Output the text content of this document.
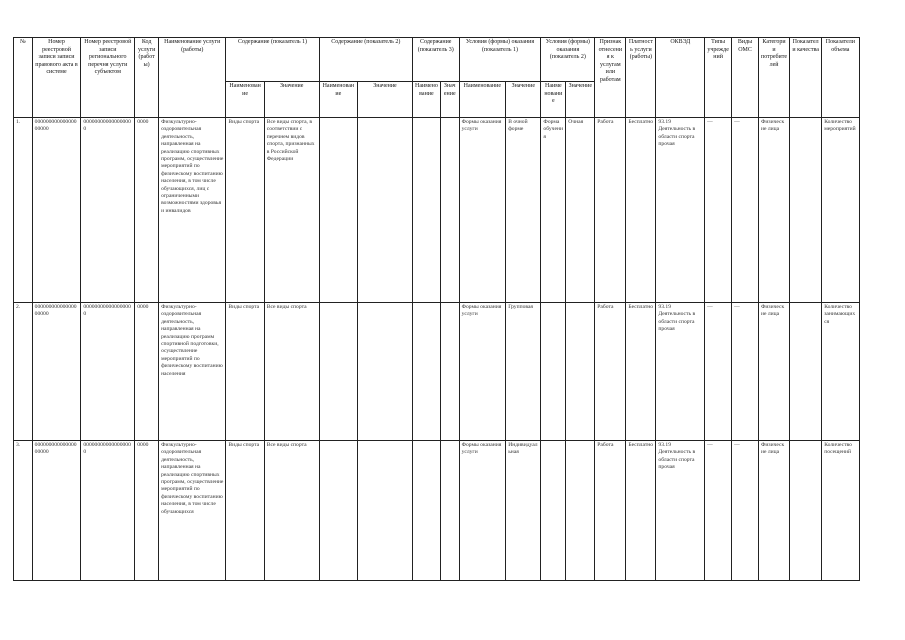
№	Номер реестровой записи записи правового акта в системе	Номер реестровой записи регионального перечня услуги субъектом	Код услуги (работы)	Наименование услуги (работы)	Содержание (показатель 1)		Содержание (показатель 2)		Содержание (показатель 3)		Условия (формы) оказания (показатель 1)		Условия (формы) оказания (показатель 2)		Признак отнесения к услугам или работам	Платность услуги (работы)	ОКВЭД	Типы учреждений	Виды ОМС	Категории потребителей	Показатели качества	Показатели объема
					Наименование	Значение	Наименование	Значение	Наименование	Значение	Наименование	Значение	Наименование	Значение								
1.	00000000000000000000	000000000000000000	0000	Физкультурно-оздоровительная деятельность, направленная на реализацию спортивных программ, осуществление мероприятий по физическому воспитанию населения, в том числе обучающихся, лиц с ограниченными возможностями здоровья и инвалидов	Виды спорта	Все виды спорта, в соответствии с перечнем видов спорта, признанных в Российской Федерации					Формы оказания услуги	В очной форме	Форма обучения	Очная	Работа	Бесплатно	93.19 Деятельность в области спорта прочая	—	—	Физические лица		Количество мероприятий
2.	00000000000000000000	000000000000000000	0000	Физкультурно-оздоровительная деятельность, направленная на реализацию программ спортивной подготовки, осуществление мероприятий по физическому воспитанию населения	Виды спорта	Все виды спорта					Формы оказания услуги	Групповая			Работа	Бесплатно	93.19 Деятельность в области спорта прочая	—	—	Физические лица		Количество занимающихся
3.	00000000000000000000	000000000000000000	0000	Физкультурно-оздоровительная деятельность, направленная на реализацию спортивных программ, осуществление мероприятий по физическому воспитанию населения, в том числе обучающихся	Виды спорта	Все виды спорта					Формы оказания услуги	Индивидуальная			Работа	Бесплатно	93.19 Деятельность в области спорта прочая	—	—	Физические лица		Количество посещений
